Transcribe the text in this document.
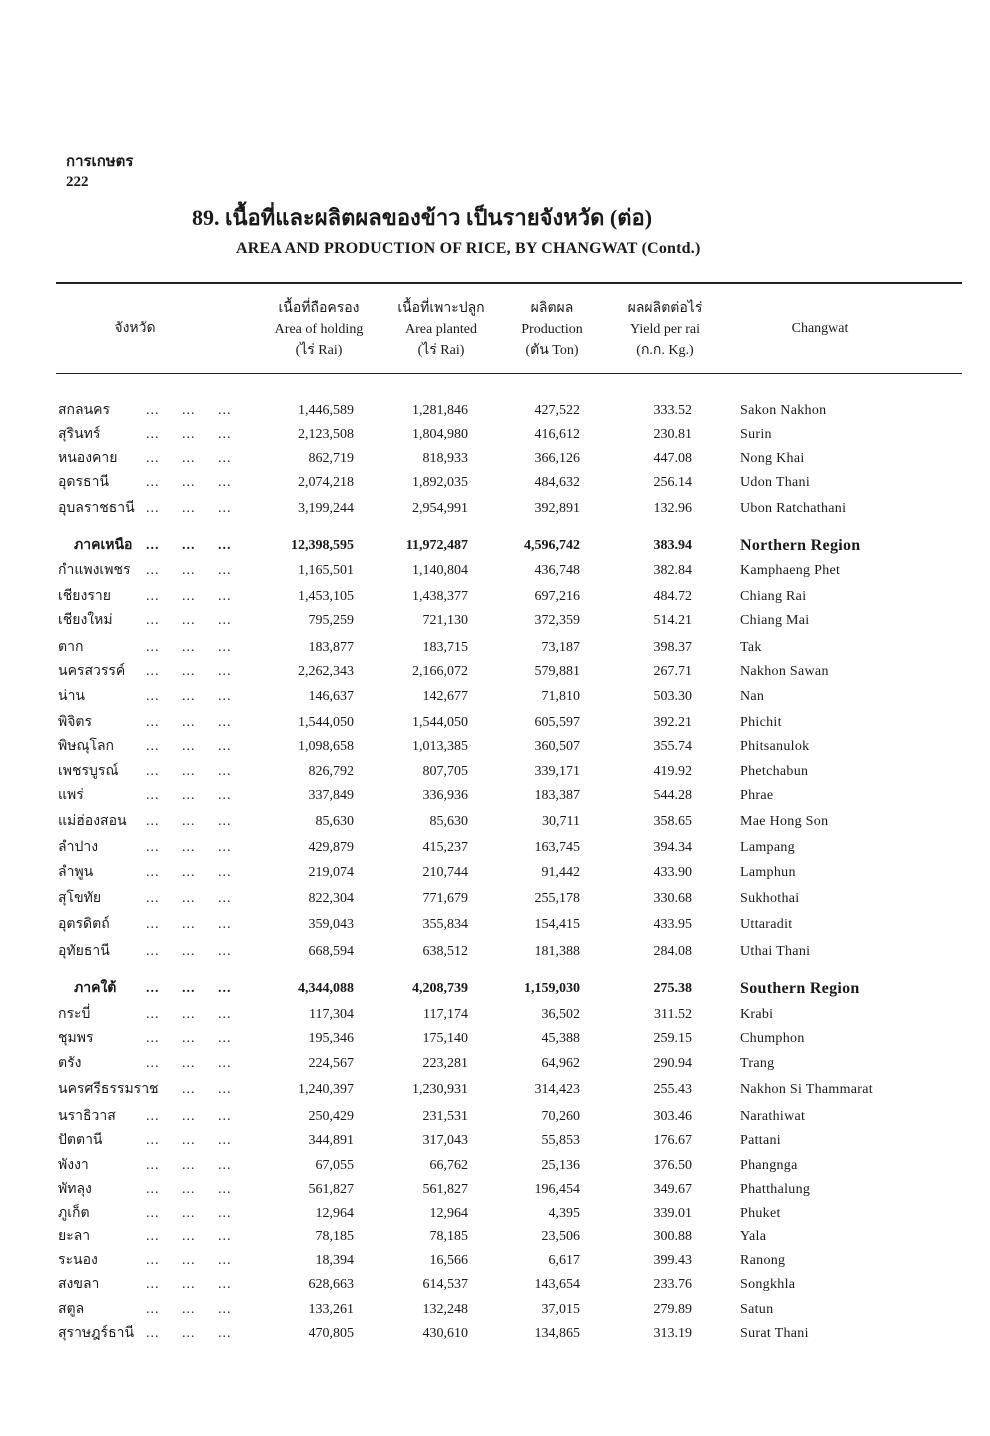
การเกษตร
222
89. เนื้อที่และผลิตผลของข้าว เป็นรายจังหวัด (ต่อ)
AREA AND PRODUCTION OF RICE, BY CHANGWAT (Contd.)
จังหวัด
เนื้อที่ถือครอง
Area of holding
(ไร่ Rai)
เนื้อที่เพาะปลูก
Area planted
(ไร่ Rai)
ผลิตผล
Production
(ตัน Ton)
ผลผลิตต่อไร่
Yield per rai
(ก.ก. Kg.)
Changwat
สกลนคร ...	1,446,589	1,281,846	427,522	333.52	Sakon Nakhon
สุรินทร์ ...	2,123,508	1,804,980	416,612	230.81	Surin
หนองคาย ...	862,719	818,933	366,126	447.08	Nong Khai
อุดรธานี ...	2,074,218	1,892,035	484,632	256.14	Udon Thani
อุบลราชธานี ...	3,199,244	2,954,991	392,891	132.96	Ubon Ratchathani
ภาคเหนือ ...	12,398,595	11,972,487	4,596,742	383.94	Northern Region
กำแพงเพชร ...	1,165,501	1,140,804	436,748	382.84	Kamphaeng Phet
เชียงราย ...	1,453,105	1,438,377	697,216	484.72	Chiang Rai
เชียงใหม่ ...	795,259	721,130	372,359	514.21	Chiang Mai
ตาก ...	183,877	183,715	73,187	398.37	Tak
นครสวรรค์ ...	2,262,343	2,166,072	579,881	267.71	Nakhon Sawan
น่าน ...	146,637	142,677	71,810	503.30	Nan
พิจิตร ...	1,544,050	1,544,050	605,597	392.21	Phichit
พิษณุโลก ...	1,098,658	1,013,385	360,507	355.74	Phitsanulok
เพชรบูรณ์ ...	826,792	807,705	339,171	419.92	Phetchabun
แพร่ ...	337,849	336,936	183,387	544.28	Phrae
แม่ฮ่องสอน ...	85,630	85,630	30,711	358.65	Mae Hong Son
ลำปาง ...	429,879	415,237	163,745	394.34	Lampang
ลำพูน ...	219,074	210,744	91,442	433.90	Lamphun
สุโขทัย ...	822,304	771,679	255,178	330.68	Sukhothai
อุตรดิตถ์ ...	359,043	355,834	154,415	433.95	Uttaradit
อุทัยธานี ...	668,594	638,512	181,388	284.08	Uthai Thani
ภาคใต้ ...	4,344,088	4,208,739	1,159,030	275.38	Southern Region
กระบี่ ...	117,304	117,174	36,502	311.52	Krabi
ชุมพร ...	195,346	175,140	45,388	259.15	Chumphon
ตรัง ...	224,567	223,281	64,962	290.94	Trang
นครศรีธรรมราช ...	1,240,397	1,230,931	314,423	255.43	Nakhon Si Thammarat
นราธิวาส ...	250,429	231,531	70,260	303.46	Narathiwat
ปัตตานี ...	344,891	317,043	55,853	176.67	Pattani
พังงา ...	67,055	66,762	25,136	376.50	Phangnga
พัทลุง ...	561,827	561,827	196,454	349.67	Phatthalung
ภูเก็ต ...	12,964	12,964	4,395	339.01	Phuket
ยะลา ...	78,185	78,185	23,506	300.88	Yala
ระนอง ...	18,394	16,566	6,617	399.43	Ranong
สงขลา ...	628,663	614,537	143,654	233.76	Songkhla
สตูล ...	133,261	132,248	37,015	279.89	Satun
สุราษฎร์ธานี ...	470,805	430,610	134,865	313.19	Surat Thani
